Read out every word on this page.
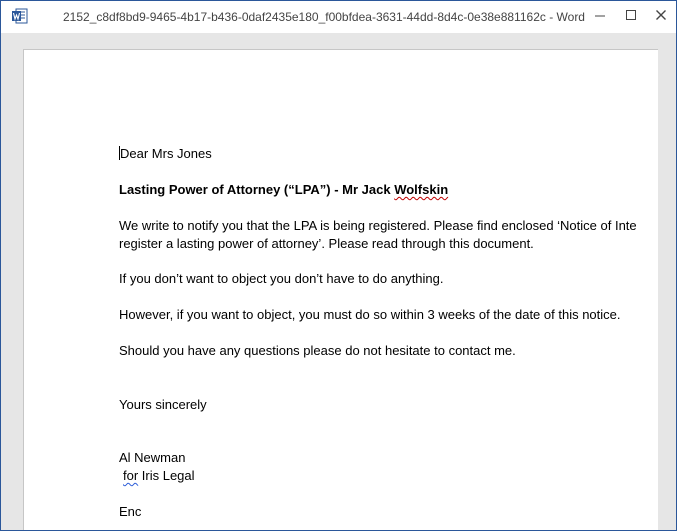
2152_c8df8bd9-9465-4b17-b436-0daf2435e180_f00bfdea-3631-44dd-8d4c-0e38e881162c - Word
Dear Mrs Jones
Lasting Power of Attorney (“LPA”) - Mr Jack Wolfskin
We write to notify you that the LPA is being registered. Please find enclosed ‘Notice of Inte
register a lasting power of attorney’. Please read through this document.
If you don’t want to object you don’t have to do anything.
However, if you want to object, you must do so within 3 weeks of the date of this notice.
Should you have any questions please do not hesitate to contact me.
Yours sincerely
Al Newman
for Iris Legal
Enc
